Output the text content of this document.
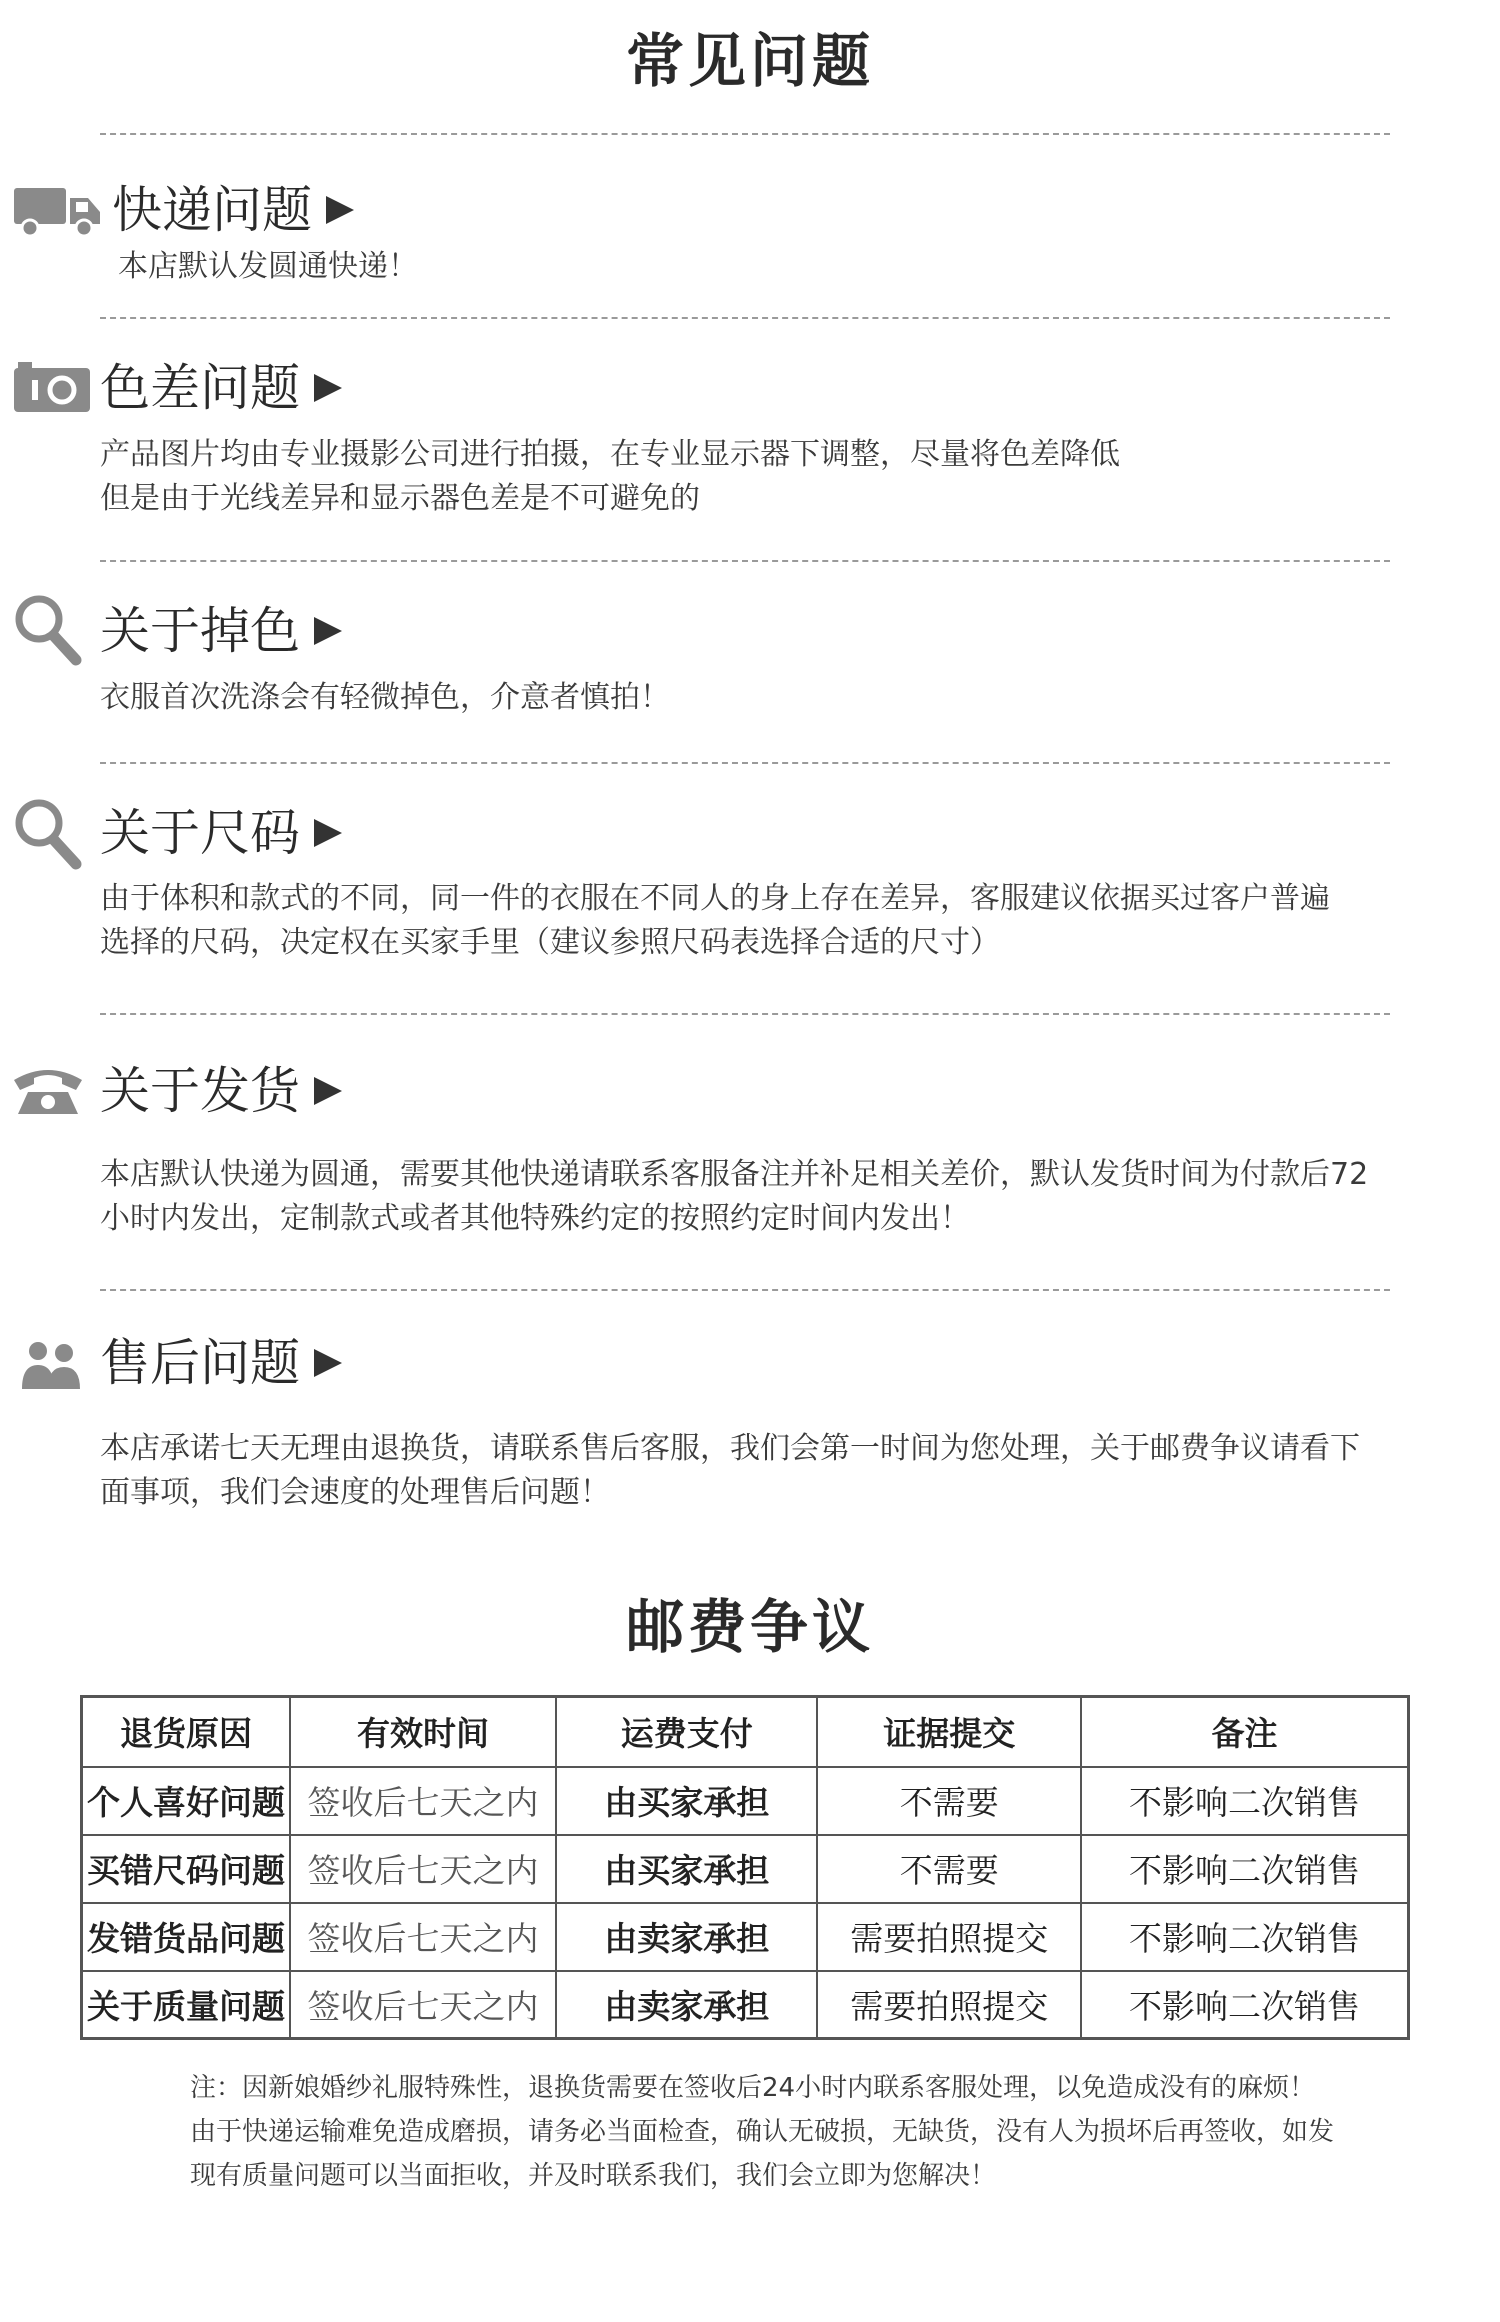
常见问题
快递问题
本店默认发圆通快递！
色差问题
产品图片均由专业摄影公司进行拍摄，在专业显示器下调整，尽量将色差降低
但是由于光线差异和显示器色差是不可避免的
关于掉色
衣服首次洗涤会有轻微掉色，介意者慎拍！
关于尺码
由于体积和款式的不同，同一件的衣服在不同人的身上存在差异，客服建议依据买过客户普遍
选择的尺码，决定权在买家手里（建议参照尺码表选择合适的尺寸）
关于发货
本店默认快递为圆通，需要其他快递请联系客服备注并补足相关差价，默认发货时间为付款后72
小时内发出，定制款式或者其他特殊约定的按照约定时间内发出！
售后问题
本店承诺七天无理由退换货，请联系售后客服，我们会第一时间为您处理，关于邮费争议请看下
面事项，我们会速度的处理售后问题！
邮费争议
退货原因	有效时间	运费支付	证据提交	备注
个人喜好问题	签收后七天之内	由买家承担	不需要	不影响二次销售
买错尺码问题	签收后七天之内	由买家承担	不需要	不影响二次销售
发错货品问题	签收后七天之内	由卖家承担	需要拍照提交	不影响二次销售
关于质量问题	签收后七天之内	由卖家承担	需要拍照提交	不影响二次销售
注：因新娘婚纱礼服特殊性，退换货需要在签收后24小时内联系客服处理，以免造成没有的麻烦！由于快递运输难免造成磨损，请务必当面检查，确认无破损，无缺货，没有人为损坏后再签收，如发现有质量问题可以当面拒收，并及时联系我们，我们会立即为您解决！
